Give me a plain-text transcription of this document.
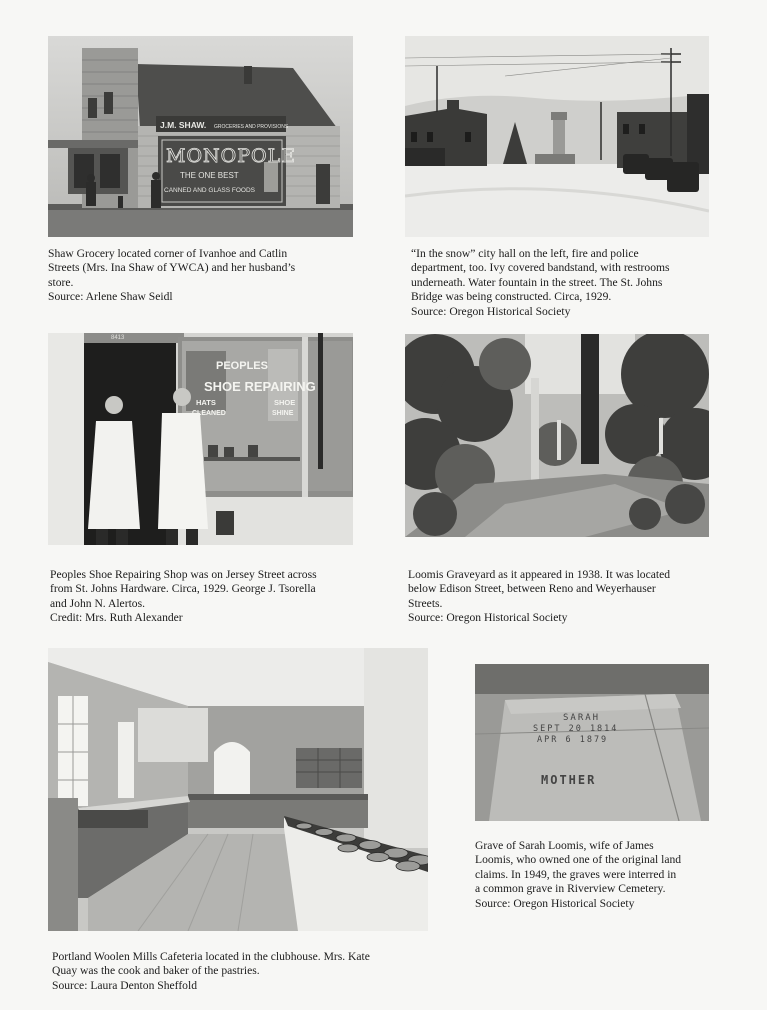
J.M. SHAW. GROCERIES AND PROVISIONS
MONOPOLE
THE ONE BEST
CANNED AND GLASS FOODS
8413
PEOPLES
SHOE REPAIRING
HATS
CLEANED
SHOE
SHINE
SARAH
SEPT 20 1814
APR 6 1879
MOTHER
Shaw Grocery located corner of Ivanhoe and Catlin
Streets (Mrs. Ina Shaw of YWCA) and her husband’s
store.
Source: Arlene Shaw Seidl
“In the snow” city hall on the left, fire and police
department, too. Ivy covered bandstand, with restrooms
underneath. Water fountain in the street. The St. Johns
Bridge was being constructed. Circa, 1929.
Source: Oregon Historical Society
Peoples Shoe Repairing Shop was on Jersey Street across
from St. Johns Hardware. Circa, 1929. George J. Tsorella
and John N. Alertos.
Credit: Mrs. Ruth Alexander
Loomis Graveyard as it appeared in 1938. It was located
below Edison Street, between Reno and Weyerhauser
Streets.
Source: Oregon Historical Society
Grave of Sarah Loomis, wife of James
Loomis, who owned one of the original land
claims. In 1949, the graves were interred in
a common grave in Riverview Cemetery.
Source: Oregon Historical Society
Portland Woolen Mills Cafeteria located in the clubhouse. Mrs. Kate
Quay was the cook and baker of the pastries.
Source: Laura Denton Sheffold
